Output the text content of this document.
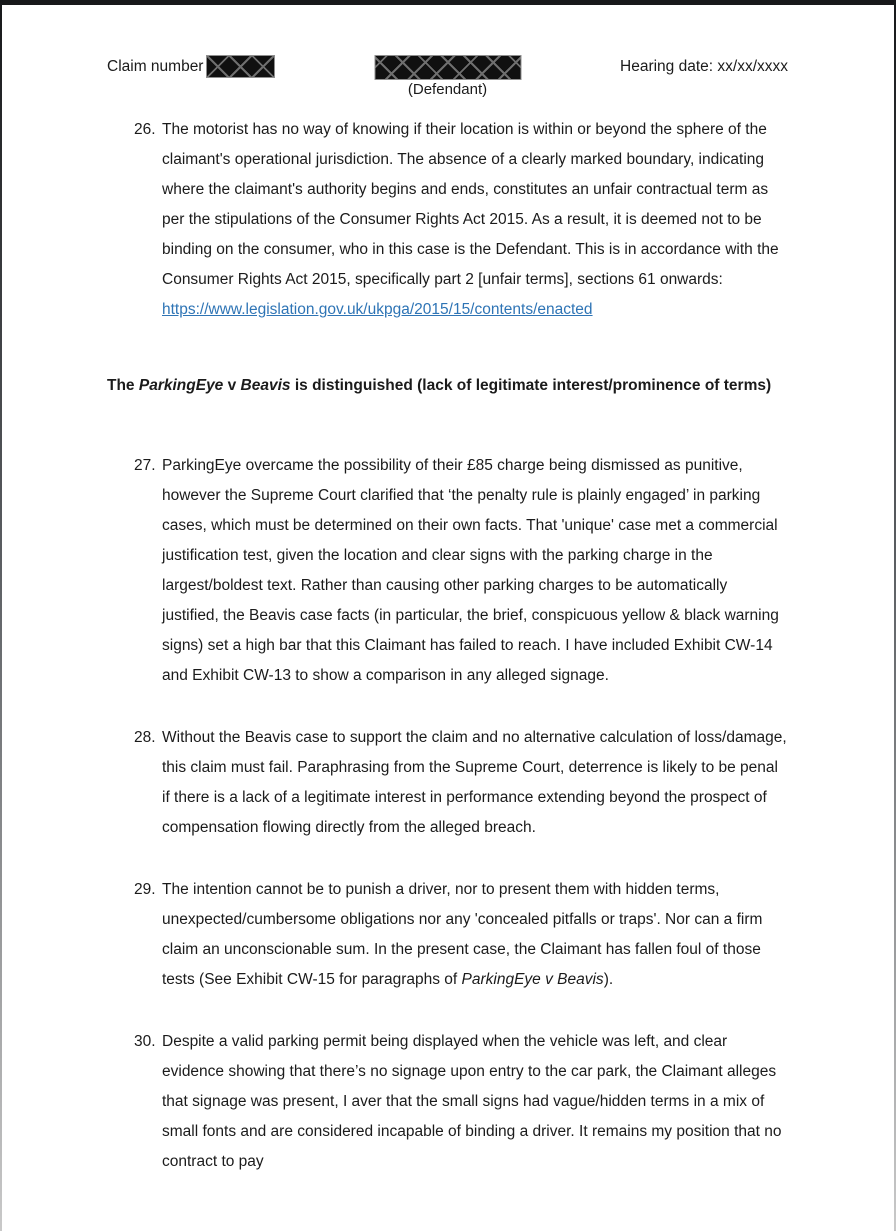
Claim number
(Defendant)
Hearing date: xx/xx/xxxx
26. The motorist has no way of knowing if their location is within or beyond the sphere of the claimant's operational jurisdiction. The absence of a clearly marked boundary, indicating where the claimant's authority begins and ends, constitutes an unfair contractual term as per the stipulations of the Consumer Rights Act 2015. As a result, it is deemed not to be binding on the consumer, who in this case is the Defendant. This is in accordance with the Consumer Rights Act 2015, specifically part 2 [unfair terms], sections 61 onwards:
https://www.legislation.gov.uk/ukpga/2015/15/contents/enacted
The ParkingEye v Beavis is distinguished (lack of legitimate interest/prominence of terms)
27. ParkingEye overcame the possibility of their £85 charge being dismissed as punitive, however the Supreme Court clarified that ‘the penalty rule is plainly engaged’ in parking cases, which must be determined on their own facts. That 'unique' case met a commercial justification test, given the location and clear signs with the parking charge in the largest/boldest text. Rather than causing other parking charges to be automatically justified, the Beavis case facts (in particular, the brief, conspicuous yellow & black warning signs) set a high bar that this Claimant has failed to reach. I have included Exhibit CW-14 and Exhibit CW-13 to show a comparison in any alleged signage.
28. Without the Beavis case to support the claim and no alternative calculation of loss/damage, this claim must fail. Paraphrasing from the Supreme Court, deterrence is likely to be penal if there is a lack of a legitimate interest in performance extending beyond the prospect of compensation flowing directly from the alleged breach.
29. The intention cannot be to punish a driver, nor to present them with hidden terms, unexpected/cumbersome obligations nor any 'concealed pitfalls or traps'. Nor can a firm claim an unconscionable sum. In the present case, the Claimant has fallen foul of those tests (See Exhibit CW-15 for paragraphs of ParkingEye v Beavis).
30. Despite a valid parking permit being displayed when the vehicle was left, and clear evidence showing that there’s no signage upon entry to the car park, the Claimant alleges that signage was present, I aver that the small signs had vague/hidden terms in a mix of small fonts and are considered incapable of binding a driver. It remains my position that no contract to pay
